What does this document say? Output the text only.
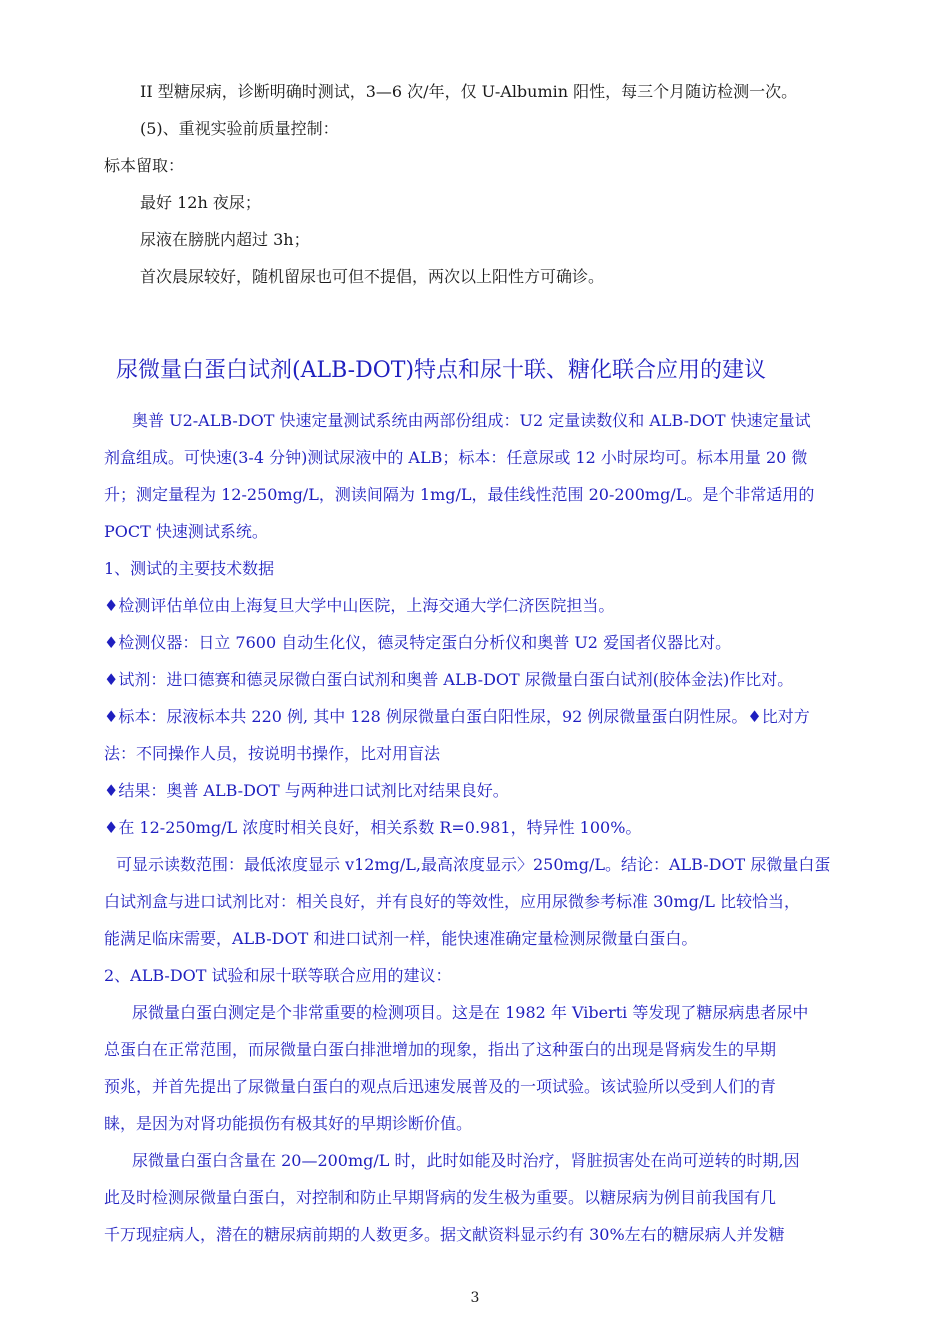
II 型糖尿病，诊断明确时测试，3—6 次/年，仅 U-Albumin 阳性，每三个月随访检测一次。
(5)、重视实验前质量控制：
标本留取：
最好 12h 夜尿；
尿液在膀胱内超过 3h；
首次晨尿较好，随机留尿也可但不提倡，两次以上阳性方可确诊。
尿微量白蛋白试剂(ALB-DOT)特点和尿十联、糖化联合应用的建议
奥普 U2-ALB-DOT 快速定量测试系统由两部份组成：U2 定量读数仪和 ALB-DOT 快速定量试
剂盒组成。可快速(3-4 分钟)测试尿液中的 ALB；标本：任意尿或 12 小时尿均可。标本用量 20 微
升；测定量程为 12-250mg/L，测读间隔为 1mg/L，最佳线性范围 20-200mg/L。是个非常适用的
POCT 快速测试系统。
1、测试的主要技术数据
♦检测评估单位由上海复旦大学中山医院，上海交通大学仁济医院担当。
♦检测仪器：日立 7600 自动生化仪，德灵特定蛋白分析仪和奥普 U2 爱国者仪器比对。
♦试剂：进口德赛和德灵尿微白蛋白试剂和奥普 ALB-DOT 尿微量白蛋白试剂(胶体金法)作比对。
♦标本：尿液标本共 220 例, 其中 128 例尿微量白蛋白阳性尿，92 例尿微量蛋白阴性尿。♦比对方
法：不同操作人员，按说明书操作，比对用盲法
♦结果：奥普 ALB-DOT 与两种进口试剂比对结果良好。
♦在 12-250mg/L 浓度时相关良好，相关系数 R=0.981，特异性 100%。
可显示读数范围：最低浓度显示 v12mg/L,最高浓度显示〉250mg/L。结论：ALB-DOT 尿微量白蛋
白试剂盒与进口试剂比对：相关良好，并有良好的等效性，应用尿微参考标准 30mg/L 比较恰当，
能满足临床需要，ALB-DOT 和进口试剂一样，能快速准确定量检测尿微量白蛋白。
2、ALB-DOT 试验和尿十联等联合应用的建议：
尿微量白蛋白测定是个非常重要的检测项目。这是在 1982 年 Viberti 等发现了糖尿病患者尿中
总蛋白在正常范围，而尿微量白蛋白排泄增加的现象，指出了这种蛋白的出现是肾病发生的早期
预兆，并首先提出了尿微量白蛋白的观点后迅速发展普及的一项试验。该试验所以受到人们的青
睐，是因为对肾功能损伤有极其好的早期诊断价值。
尿微量白蛋白含量在 20—200mg/L 时，此时如能及时治疗，肾脏损害处在尚可逆转的时期,因
此及时检测尿微量白蛋白，对控制和防止早期肾病的发生极为重要。以糖尿病为例目前我国有几
千万现症病人，潜在的糖尿病前期的人数更多。据文献资料显示约有 30%左右的糖尿病人并发糖
3
